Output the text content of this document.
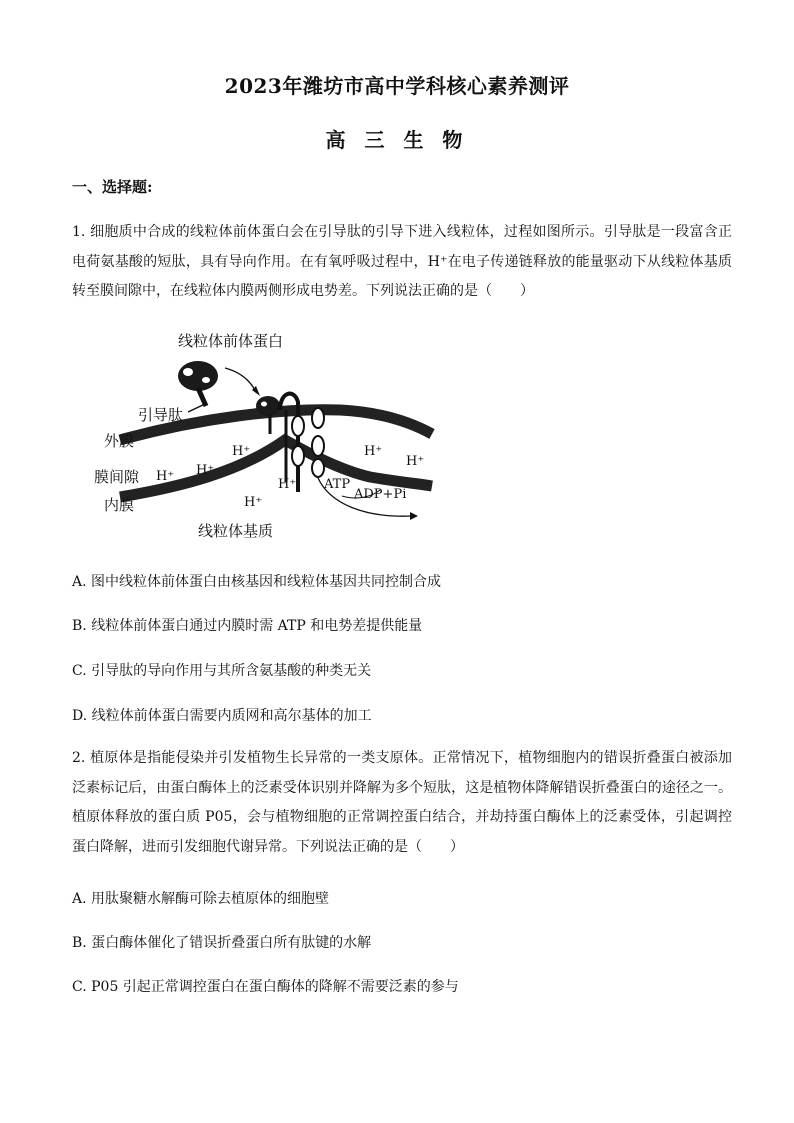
2023年潍坊市高中学科核心素养测评
高 三 生 物
一、选择题:
1. 细胞质中合成的线粒体前体蛋白会在引导肽的引导下进入线粒体，过程如图所示。引导肽是一段富含正电荷氨基酸的短肽，具有导向作用。在有氧呼吸过程中，H⁺在电子传递链释放的能量驱动下从线粒体基质转至膜间隙中，在线粒体内膜两侧形成电势差。下列说法正确的是（　　）
线粒体前体蛋白
引导肽
外膜
膜间隙
内膜
线粒体基质
H⁺ H⁺
H⁺
H⁺
H⁺
H⁺
H⁺
ATP
ADP+Pi
A. 图中线粒体前体蛋白由核基因和线粒体基因共同控制合成
B. 线粒体前体蛋白通过内膜时需 ATP 和电势差提供能量
C. 引导肽的导向作用与其所含氨基酸的种类无关
D. 线粒体前体蛋白需要内质网和高尔基体的加工
2. 植原体是指能侵染并引发植物生长异常的一类支原体。正常情况下，植物细胞内的错误折叠蛋白被添加泛素标记后，由蛋白酶体上的泛素受体识别并降解为多个短肽，这是植物体降解错误折叠蛋白的途径之一。植原体释放的蛋白质 P05，会与植物细胞的正常调控蛋白结合，并劫持蛋白酶体上的泛素受体，引起调控蛋白降解，进而引发细胞代谢异常。下列说法正确的是（　　）
A. 用肽聚糖水解酶可除去植原体的细胞壁
B. 蛋白酶体催化了错误折叠蛋白所有肽键的水解
C. P05 引起正常调控蛋白在蛋白酶体的降解不需要泛素的参与
